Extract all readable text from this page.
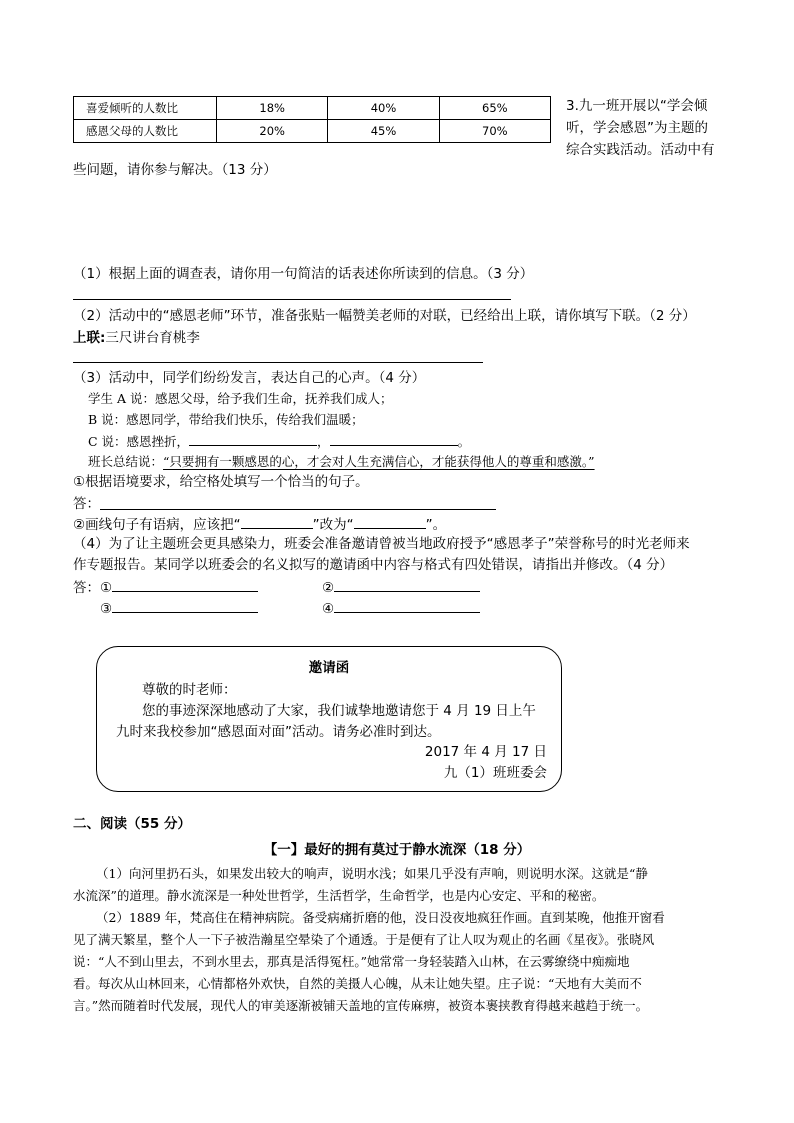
喜爱倾听的人数比	18%	40%	65%
感恩父母的人数比	20%	45%	70%
3.九一班开展以“学会倾
听，学会感恩”为主题的
综合实践活动。活动中有
些问题，请你参与解决。（13 分）
（1）根据上面的调查表，请你用一句简洁的话表述你所读到的信息。（3 分）
（2）活动中的“感恩老师”环节，准备张贴一幅赞美老师的对联，已经给出上联，请你填写下联。（2 分）
上联:三尺讲台育桃李
（3）活动中，同学们纷纷发言，表达自己的心声。（4 分）
学生 A 说：感恩父母，给予我们生命，抚养我们成人；
B 说：感恩同学，带给我们快乐，传给我们温暖；
C 说：感恩挫折，	，	。
班长总结说：“只要拥有一颗感恩的心，才会对人生充满信心，才能获得他人的尊重和感激。”
①根据语境要求，给空格处填写一个恰当的句子。
答：
②画线句子有语病，应该把“	”改为“	”。
（4）为了让主题班会更具感染力，班委会准备邀请曾被当地政府授予“感恩孝子”荣誉称号的时光老师来
作专题报告。某同学以班委会的名义拟写的邀请函中内容与格式有四处错误，请指出并修改。（4 分）
答：①	②
③	④
邀请函
尊敬的时老师：
您的事迹深深地感动了大家，我们诚挚地邀请您于 4 月 19 日上午
九时来我校参加“感恩面对面”活动。请务必准时到达。
2017 年 4 月 17 日
九（1）班班委会
二、阅读（55 分）
【一】最好的拥有莫过于静水流深（18 分）
（1）向河里扔石头，如果发出较大的响声，说明水浅；如果几乎没有声响，则说明水深。这就是“静
水流深”的道理。静水流深是一种处世哲学，生活哲学，生命哲学，也是内心安定、平和的秘密。
（2）1889 年，梵高住在精神病院。备受病痛折磨的他，没日没夜地疯狂作画。直到某晚，他推开窗看
见了满天繁星，整个人一下子被浩瀚星空晕染了个通透。于是便有了让人叹为观止的名画《星夜》。张晓风
说：“人不到山里去，不到水里去，那真是活得冤枉。”她常常一身轻装踏入山林，在云雾缭绕中痴痴地
看。每次从山林回来，心情都格外欢快，自然的美摄人心魄，从未让她失望。庄子说：“天地有大美而不
言。”然而随着时代发展，现代人的审美逐渐被铺天盖地的宣传麻痹，被资本裹挟教育得越来越趋于统一。
